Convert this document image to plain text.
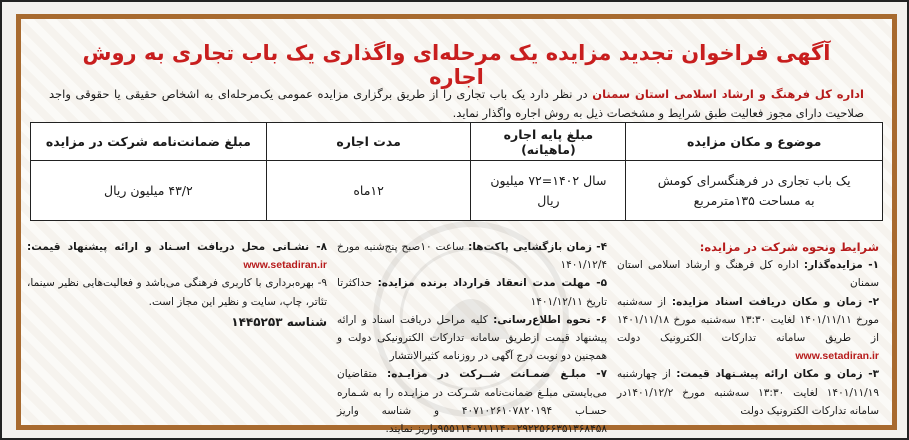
آگهی فراخوان تجدید مزایده یک مرحله‌ای واگذاری یک باب تجاری به روش اجاره
اداره کل فرهنگ و ارشاد اسلامی استان سمنان در نظر دارد یک باب تجاری را از طریق برگزاری مزایده عمومی یک‌مرحله‌ای به اشخاص حقیقی یا حقوقی واجد صلاحیت دارای مجوز فعالیت طبق شرایط و مشخصات ذیل به روش اجاره واگذار نماید.
موضوع و مکان مزایده	مبلغ پایه اجاره (ماهیانه)	مدت اجاره	مبلغ ضمانت‌نامه شرکت در مزایده

یک باب تجاری در فرهنگسرای کومش
به مساحت ۱۳۵مترمربع	سال ۱۴۰۲=۷۲ میلیون ریال	۱۲ماه	۴۳/۲ میلیون ریال
شرایط ونحوه شرکت در مزایده:
۱- مزایده‌گذار: اداره کل فرهنگ و ارشاد اسلامی استان سمنان
۲- زمان و مکان دریافت اسناد مزایده: از سه‌شنبه مورخ ۱۴۰۱/۱۱/۱۱ لغایت ۱۳:۳۰ سه‌شنبه مورخ ۱۴۰۱/۱۱/۱۸ از طریق سامانه تدارکات الکترونیک دولت www.setadiran.ir
۳- زمان و مکان ارائه پیشـنهاد قیمت: از چهارشنبه ۱۴۰۱/۱۱/۱۹ لغایت ۱۳:۳۰ سه‌شنبه مورخ ۱۴۰۱/۱۲/۲در سامانه تدارکات الکترونیک دولت
۴- زمان بازگشایی پاکت‌ها: ساعت ۱۰صبح پنج‌شنبه مورخ ۱۴۰۱/۱۲/۴
۵- مهلت مدت انعقاد قرارداد برنده مزایده: حداکثرتا تاریخ ۱۴۰۱/۱۲/۱۱
۶- نحوه اطلاع‌رسانی: کلیه مراحل دریافت اسناد و ارائه پیشنهاد قیمت ازطریق سامانه تدارکات الکترونیکی دولت و همچنین دو نوبت درج آگهی در روزنامه کثیرالانتشار
۷- مبلـغ ضمـانت شــرکت در مزایـده: متقاضیان می‌بایستی مبلـغ ضمانت‌نامه شـرکت در مزایـده را به شـماره حسـاب ۴۰۷۱۰۲۶۱۰۷۸۲۰۱۹۴ و شناسه واریز ۹۵۵۱۱۴۰۷۱۱۱۴۰۰۲۹۲۲۵۶۶۳۵۱۳۶۸۴۵۸واریز نمایند.
۸- نشـانی محل دریافت اسـناد و ارائه پیشنهاد قیمت: www.setadiran.ir
۹- بهره‌برداری با کاربری فرهنگی می‌باشد و فعالیت‌هایی نظیر سینما، تئاتر، چاپ، سایت و نظیر این مجاز است.
شناسه ۱۴۴۵۲۵۳
